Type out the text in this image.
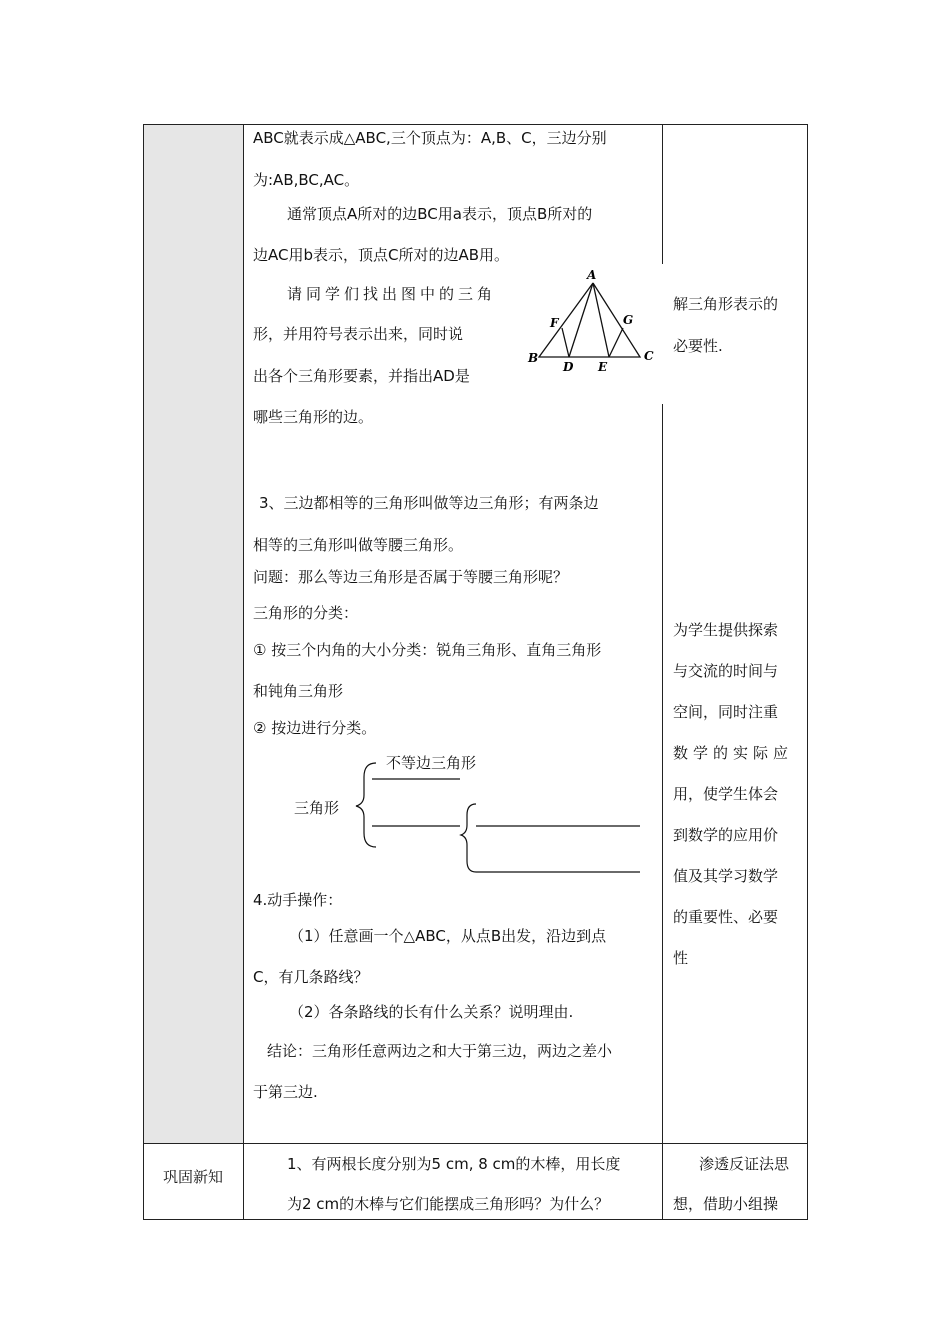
ABC就表示成△ABC,三个顶点为：A,B、C，三边分别
为:AB,BC,AC。
通常顶点A所对的边BC用a表示，顶点B所对的
边AC用b表示，顶点C所对的边AB用。
请同学们找出图中的三角
形，并用符号表示出来，同时说
出各个三角形要素，并指出AD是
哪些三角形的边。
A
B	C
D E
F	G
3、三边都相等的三角形叫做等边三角形；有两条边
相等的三角形叫做等腰三角形。
问题：那么等边三角形是否属于等腰三角形呢？
三角形的分类：
① 按三个内角的大小分类：锐角三角形、直角三角形
和钝角三角形
② 按边进行分类。
不等边三角形
三角形
4.动手操作：
（1）任意画一个△ABC，从点B出发，沿边到点
C，有几条路线？
（2）各条路线的长有什么关系？说明理由.
结论：三角形任意两边之和大于第三边，两边之差小
于第三边.
解三角形表示的
必要性.
为学生提供探索
与交流的时间与
空间，同时注重
数学的实际应
用，使学生体会
到数学的应用价
值及其学习数学
的重要性、必要
性
巩固新知
1、有两根长度分别为5 cm, 8 cm的木棒，用长度
为2 cm的木棒与它们能摆成三角形吗？为什么？
渗透反证法思
想，借助小组操
